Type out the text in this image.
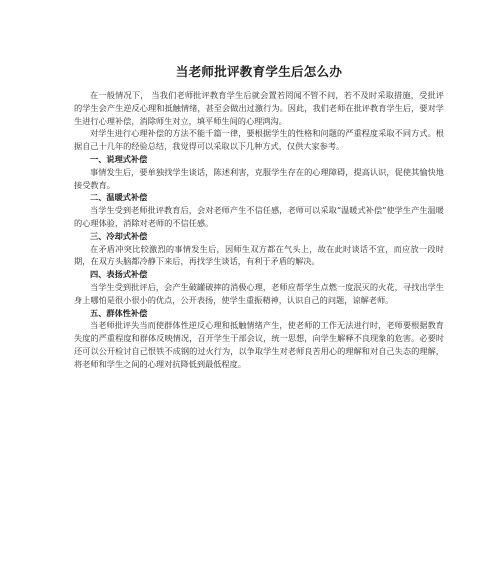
当老师批评教育学生后怎么办

在一般情况下， 当我们老师批评教育学生后就会置若罔闻不管不问，若不及时采取措施，受批评的学生会产生逆反心理和抵触情绪，甚至会做出过激行为。因此，我们老师在批评教育学生后，要对学生进行心理补偿，消除师生对立，填平师生间的心理鸿沟。

对学生进行心理补偿的方法不能千篇一律，要根据学生的性格和问题的严重程度采取不同方式。根据自己十几年的经验总结，我觉得可以采取以下几种方式，仅供大家参考。

一、说理式补偿

事情发生后，要单独找学生谈话，陈述利害，克服学生存在的心理障碍，提高认识，促使其愉快地接受教育。

二、温暖式补偿

当学生受到老师批评教育后，会对老师产生不信任感，老师可以采取“温暖式补偿”使学生产生温暖的心理体验，消除对老师的不信任感。

三、冷却式补偿

在矛盾冲突比较激烈的事情发生后，因师生双方都在气头上，故在此时谈话不宜，而应放一段时期，在双方头脑都冷静下来后，再找学生谈话，有利于矛盾的解决。

四、表扬式补偿

当学生受到批评后，会产生破罐破摔的消极心理，老师应帮学生点燃一度泯灭的火花，寻找出学生身上哪怕是很小很小的优点，公开表扬，使学生重振精神，认识自己的问题，谅解老师。

五、群体性补偿

当老师批评失当而使群体性逆反心理和抵触情绪产生，使老师的工作无法进行时，老师要根据教育失度的严重程度和群体反映情况，召开学生干部会议，统一思想，向学生解释不良现象的危害。必要时还可以公开检讨自己恨铁不成钢的过火行为，以争取学生对老师良苦用心的理解和对自己失态的理解，将老师和学生之间的心理对抗降低到最低程度。
